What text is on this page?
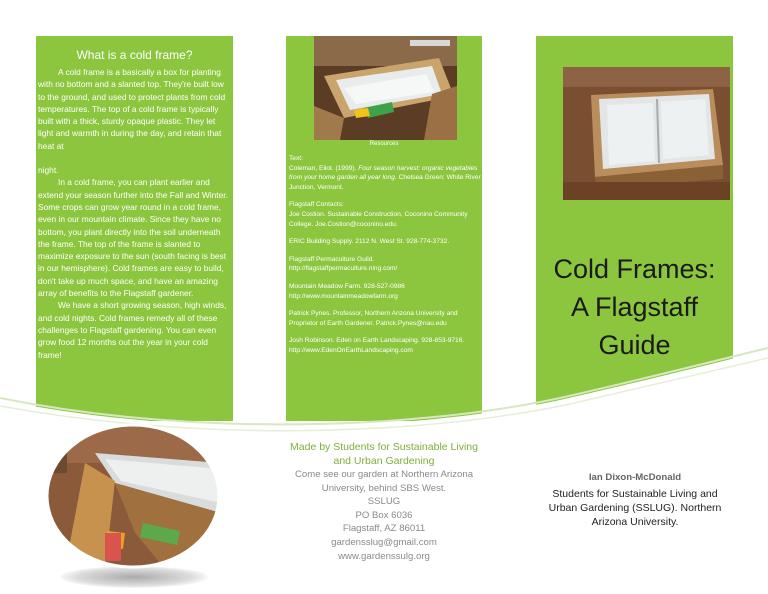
What is a cold frame?

A cold frame is a basically a box for planting with no bottom and a slanted top. They're built low to the ground, and used to protect plants from cold temperatures. The top of a cold frame is typically built with a thick, sturdy opaque plastic. They let light and warmth in during the day, and retain that heat at

night.

In a cold frame, you can plant earlier and extend your season further into the Fall and Winter. Some crops can grow year round in a cold frame, even in our mountain climate. Since they have no bottom, you plant directly into the soil underneath the frame. The top of the frame is slanted to maximize exposure to the sun (south facing is best in our hemisphere). Cold frames are easy to build, don't take up much space, and have an amazing array of benefits to the Flagstaff gardener.

We have a short growing season, high winds, and cold nights. Cold frames remedy all of these challenges to Flagstaff gardening. You can even grow food 12 months out the year in your cold frame!

Resources

Text:
Coleman, Eliot. (1999). Four season harvest: organic vegetables from your home garden all year long. Chelsea Green: White River Junction, Vermont.

Flagstaff Contacts:

Joe Costion. Sustainable Construction, Coconino Community College. Joe.Costion@coconino.edu.

ERIC Building Supply. 2112 N. West St. 928-774-3732.

Flagstaff Permaculture Guild. http://flagstaffpermaculture.ning.com/

Mountain Meadow Farm. 928-527-0986 http://www.mountainmeadowfarm.org

Patrick Pynes. Professor, Northern Arizona University and Proprietor of Earth Gardener. Patrick.Pynes@nau.edu

Josh Robinson. Eden on Earth Landscaping. 928-853-9716. http://www.EdenOnEarthLandscaping.com

Cold Frames:
A Flagstaff
Guide
Made by Students for Sustainable Living and Urban Gardening
Come see our garden at Northern Arizona University, behind SBS West.
SSLUG
PO Box 6036
Flagstaff, AZ 86011
gardensslug@gmail.com
www.gardenssulg.org
Ian Dixon-McDonald
Students for Sustainable Living and Urban Gardening (SSLUG). Northern Arizona University.
